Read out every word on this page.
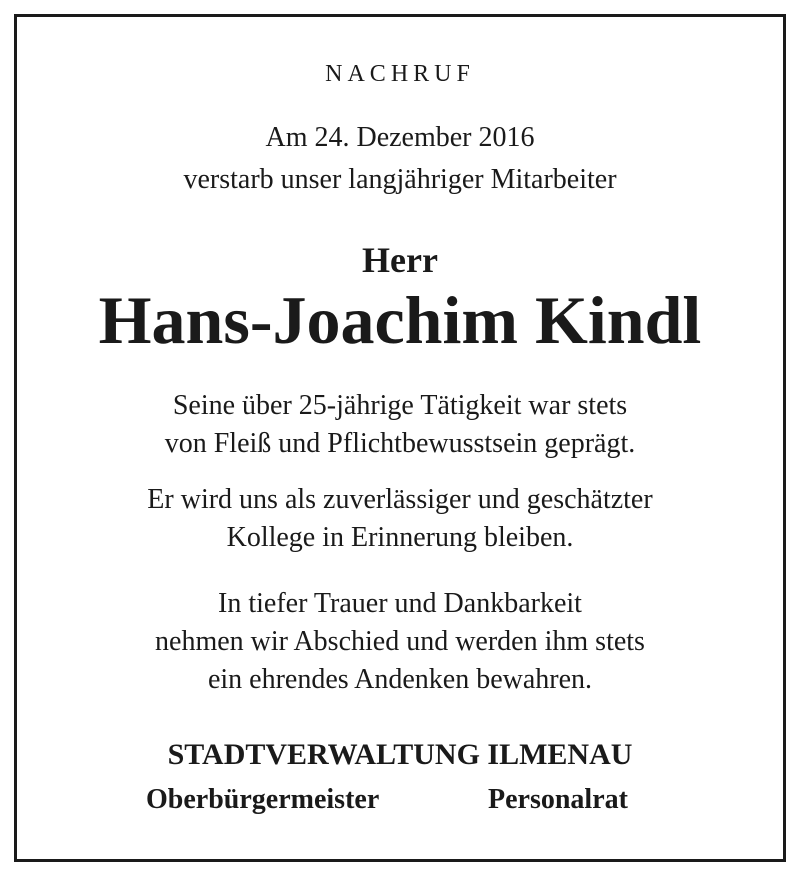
NACHRUF
Am 24. Dezember 2016
verstarb unser langjähriger Mitarbeiter
Herr
Hans-Joachim Kindl
Seine über 25-jährige Tätigkeit war stets
von Fleiß und Pflichtbewusstsein geprägt.
Er wird uns als zuverlässiger und geschätzter
Kollege in Erinnerung bleiben.
In tiefer Trauer und Dankbarkeit
nehmen wir Abschied und werden ihm stets
ein ehrendes Andenken bewahren.
STADTVERWALTUNG ILMENAU
Oberbürgermeister	Personalrat
